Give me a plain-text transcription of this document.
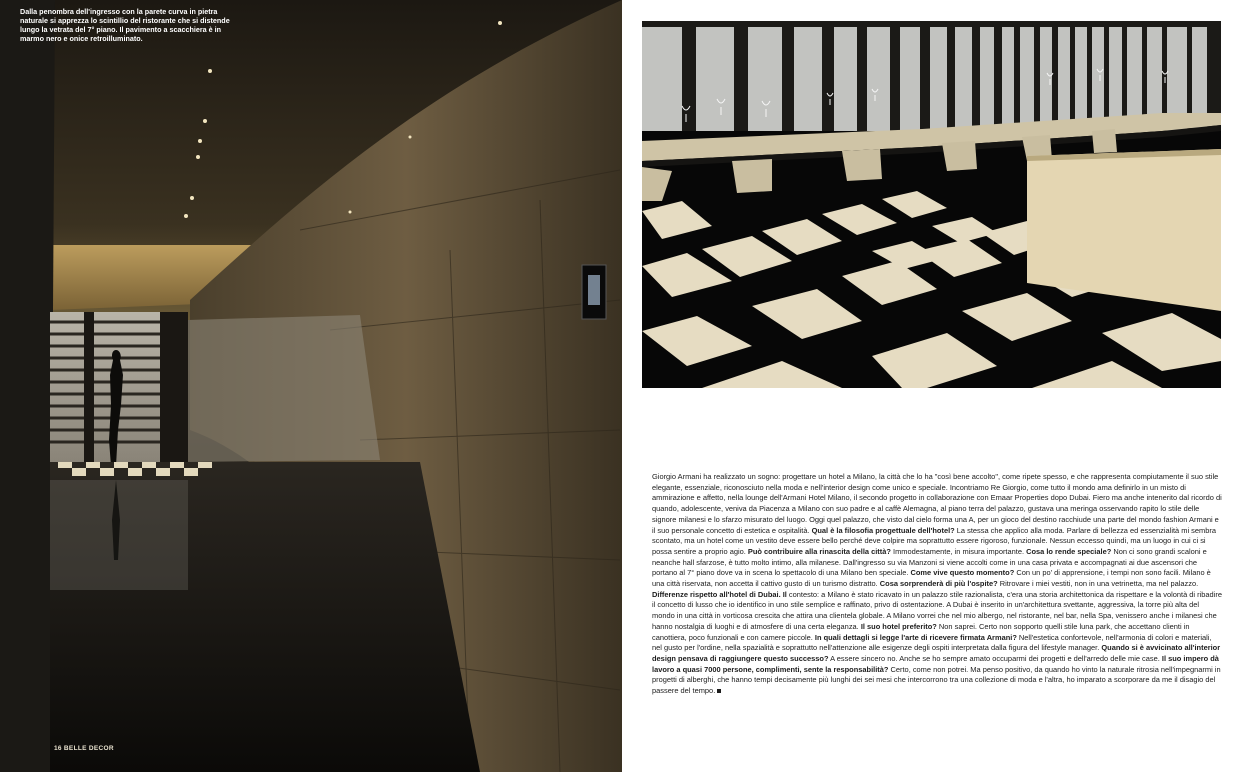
Dalla penombra dell'ingresso con la parete curva in pietra naturale si apprezza lo scintillio del ristorante che si distende lungo la vetrata del 7° piano. Il pavimento a scacchiera è in marmo nero e onice retroilluminato.
16 BELLE DECOR
Giorgio Armani ha realizzato un sogno: progettare un hotel a Milano, la città che lo ha "così bene accolto", come ripete spesso, e che rappresenta compiutamente il suo stile elegante, essenziale, riconosciuto nella moda e nell'interior design come unico e speciale. Incontriamo Re Giorgio, come tutto il mondo ama definirlo in un misto di ammirazione e affetto, nella lounge dell'Armani Hotel Milano, il secondo progetto in collaborazione con Emaar Properties dopo Dubai. Fiero ma anche intenerito dal ricordo di quando, adolescente, veniva da Piacenza a Milano con suo padre e al caffè Alemagna, al piano terra del palazzo, gustava una meringa osservando rapito lo stile delle signore milanesi e lo sfarzo misurato del luogo. Oggi quel palazzo, che visto dal cielo forma una A, per un gioco del destino racchiude una parte del mondo fashion Armani e il suo personale concetto di estetica e ospitalità. Qual è la filosofia progettuale dell'hotel? La stessa che applico alla moda. Parlare di bellezza ed essenzialità mi sembra scontato, ma un hotel come un vestito deve essere bello perché deve colpire ma soprattutto essere rigoroso, funzionale. Nessun eccesso quindi, ma un luogo in cui ci si possa sentire a proprio agio. Può contribuire alla rinascita della città? Immodestamente, in misura importante. Cosa lo rende speciale? Non ci sono grandi scaloni e neanche hall sfarzose, è tutto molto intimo, alla milanese. Dall'ingresso su via Manzoni si viene accolti come in una casa privata e accompagnati ai due ascensori che portano al 7° piano dove va in scena lo spettacolo di una Milano ben speciale. Come vive questo momento? Con un po' di apprensione, i tempi non sono facili. Milano è una città riservata, non accetta il cattivo gusto di un turismo distratto. Cosa sorprenderà di più l'ospite? Ritrovare i miei vestiti, non in una vetrinetta, ma nel palazzo. Differenze rispetto all'hotel di Dubai. Il contesto: a Milano è stato ricavato in un palazzo stile razionalista, c'era una storia architettonica da rispettare e la volontà di ribadire il concetto di lusso che io identifico in uno stile semplice e raffinato, privo di ostentazione. A Dubai è inserito in un'architettura svettante, aggressiva, la torre più alta del mondo in una città in vorticosa crescita che attira una clientela globale. A Milano vorrei che nel mio albergo, nel ristorante, nel bar, nella Spa, venissero anche i milanesi che hanno nostalgia di luoghi e di atmosfere di una certa eleganza. Il suo hotel preferito? Non saprei. Certo non sopporto quelli stile luna park, che accettano clienti in canottiera, poco funzionali e con camere piccole. In quali dettagli si legge l'arte di ricevere firmata Armani? Nell'estetica confortevole, nell'armonia di colori e materiali, nel gusto per l'ordine, nella spazialità e soprattutto nell'attenzione alle esigenze degli ospiti interpretata dalla figura del lifestyle manager. Quando si è avvicinato all'interior design pensava di raggiungere questo successo? A essere sincero no. Anche se ho sempre amato occuparmi dei progetti e dell'arredo delle mie case. Il suo impero dà lavoro a quasi 7000 persone, complimenti, sente la responsabilità? Certo, come non potrei. Ma penso positivo, da quando ho vinto la naturale ritrosia nell'impegnarmi in progetti di alberghi, che hanno tempi decisamente più lunghi dei sei mesi che intercorrono tra una collezione di moda e l'altra, ho imparato a scorporare da me il disagio del passere del tempo.
